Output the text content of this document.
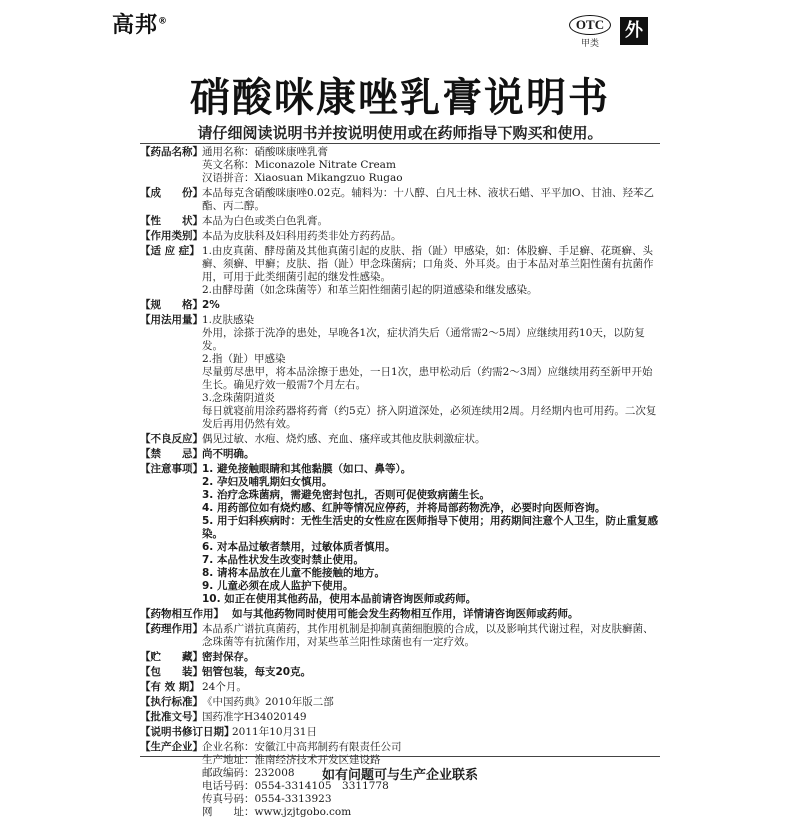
高邦®	OTC
甲类
外
硝酸咪康唑乳膏说明书
请仔细阅读说明书并按说明使用或在药师指导下购买和使用。
【药品名称】 通用名称：硝酸咪康唑乳膏
英文名称：Miconazole Nitrate Cream
汉语拼音：Xiaosuan Mikangzuo Rugao
【成　　份】 本品每克含硝酸咪康唑0.02克。辅料为：十八醇、白凡士林、液状石蜡、平平加O、甘油、羟苯乙酯、丙二醇。
【性　　状】 本品为白色或类白色乳膏。
【作用类别】 本品为皮肤科及妇科用药类非处方药药品。
【适 应 症】 1.由皮真菌、酵母菌及其他真菌引起的皮肤、指（趾）甲感染，如：体股癣、手足癣、花斑癣、头癣、须癣、甲癣；皮肤、指（趾）甲念珠菌病；口角炎、外耳炎。由于本品对革兰阳性菌有抗菌作用，可用于此类细菌引起的继发性感染。
2.由酵母菌（如念珠菌等）和革兰阳性细菌引起的阴道感染和继发感染。
【规　　格】 2%
【用法用量】 1.皮肤感染
外用，涂搽于洗净的患处，早晚各1次，症状消失后（通常需2～5周）应继续用药10天，以防复发。
2.指（趾）甲感染
尽量剪尽患甲，将本品涂擦于患处，一日1次，患甲松动后（约需2～3周）应继续用药至新甲开始生长。确见疗效一般需7个月左右。
3.念珠菌阴道炎
每日就寝前用涂药器将药膏（约5克）挤入阴道深处，必须连续用2周。月经期内也可用药。二次复发后再用仍然有效。
【不良反应】 偶见过敏、水疱、烧灼感、充血、瘙痒或其他皮肤刺激症状。
【禁　　忌】 尚不明确。
【注意事项】 1. 避免接触眼睛和其他黏膜（如口、鼻等）。
2. 孕妇及哺乳期妇女慎用。
3. 治疗念珠菌病，需避免密封包扎，否则可促使致病菌生长。
4. 用药部位如有烧灼感、红肿等情况应停药，并将局部药物洗净，必要时向医师咨询。
5. 用于妇科疾病时：无性生活史的女性应在医师指导下使用；用药期间注意个人卫生，防止重复感染。
6. 对本品过敏者禁用，过敏体质者慎用。
7. 本品性状发生改变时禁止使用。
8. 请将本品放在儿童不能接触的地方。
9. 儿童必须在成人监护下使用。
10. 如正在使用其他药品，使用本品前请咨询医师或药师。
【药物相互作用】 如与其他药物同时使用可能会发生药物相互作用，详情请咨询医师或药师。
【药理作用】 本品系广谱抗真菌药，其作用机制是抑制真菌细胞膜的合成，以及影响其代谢过程，对皮肤癣菌、念珠菌等有抗菌作用，对某些革兰阳性球菌也有一定疗效。
【贮　　藏】 密封保存。
【包　　装】 铝管包装，每支20克。
【有 效 期】 24个月。
【执行标准】 《中国药典》2010年版二部
【批准文号】 国药准字H34020149
【说明书修订日期】
2011年10月31日
【生产企业】 企业名称：安徽江中高邦制药有限责任公司
生产地址：淮南经济技术开发区建设路
邮政编码：232008
电话号码：0554-3314105　3311778
传真号码：0554-3313923
网　　址：www.jzjtgobo.com
如有问题可与生产企业联系
